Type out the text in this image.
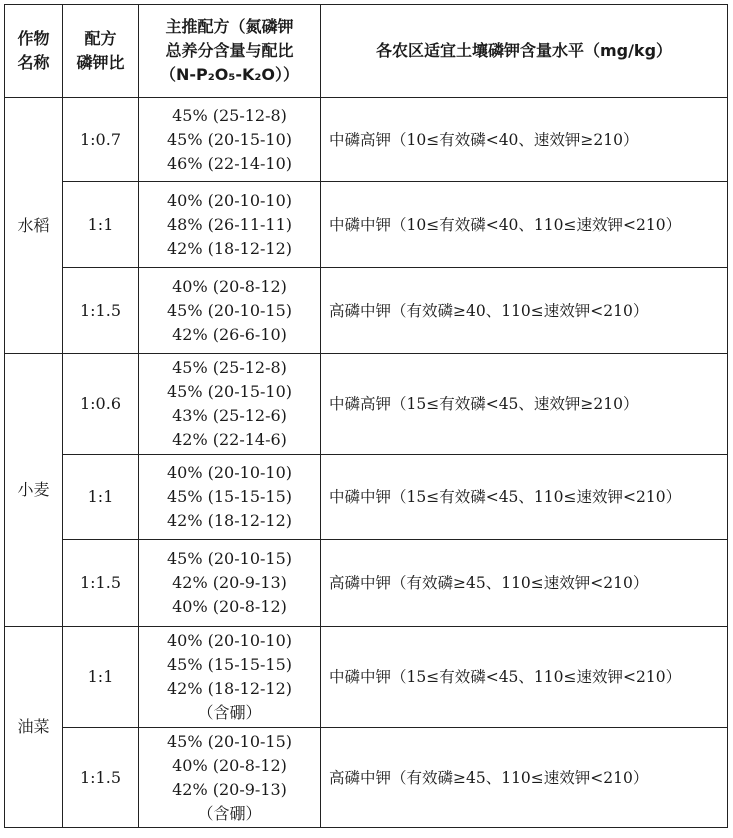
作物
名称	配方
磷钾比	主推配方（氮磷钾
总养分含量与配比
（N-P₂O₅-K₂O））	各农区适宜土壤磷钾含量水平（mg/kg）
水稻	1:0.7	45% (25-12-8)
45% (20-15-10)
46% (22-14-10)	中磷高钾（10≤有效磷<40、速效钾≥210）
	1:1	40% (20-10-10)
48% (26-11-11)
42% (18-12-12)	中磷中钾（10≤有效磷<40、110≤速效钾<210）
	1:1.5	40% (20-8-12)
45% (20-10-15)
42% (26-6-10)	高磷中钾（有效磷≥40、110≤速效钾<210）
小麦	1:0.6	45% (25-12-8)
45% (20-15-10)
43% (25-12-6)
42% (22-14-6)	中磷高钾（15≤有效磷<45、速效钾≥210）
	1:1	40% (20-10-10)
45% (15-15-15)
42% (18-12-12)	中磷中钾（15≤有效磷<45、110≤速效钾<210）
	1:1.5	45% (20-10-15)
42% (20-9-13)
40% (20-8-12)	高磷中钾（有效磷≥45、110≤速效钾<210）
油菜	1:1	40% (20-10-10)
45% (15-15-15)
42% (18-12-12)
（含硼）	中磷中钾（15≤有效磷<45、110≤速效钾<210）
	1:1.5	45% (20-10-15)
40% (20-8-12)
42% (20-9-13)
（含硼）	高磷中钾（有效磷≥45、110≤速效钾<210）
